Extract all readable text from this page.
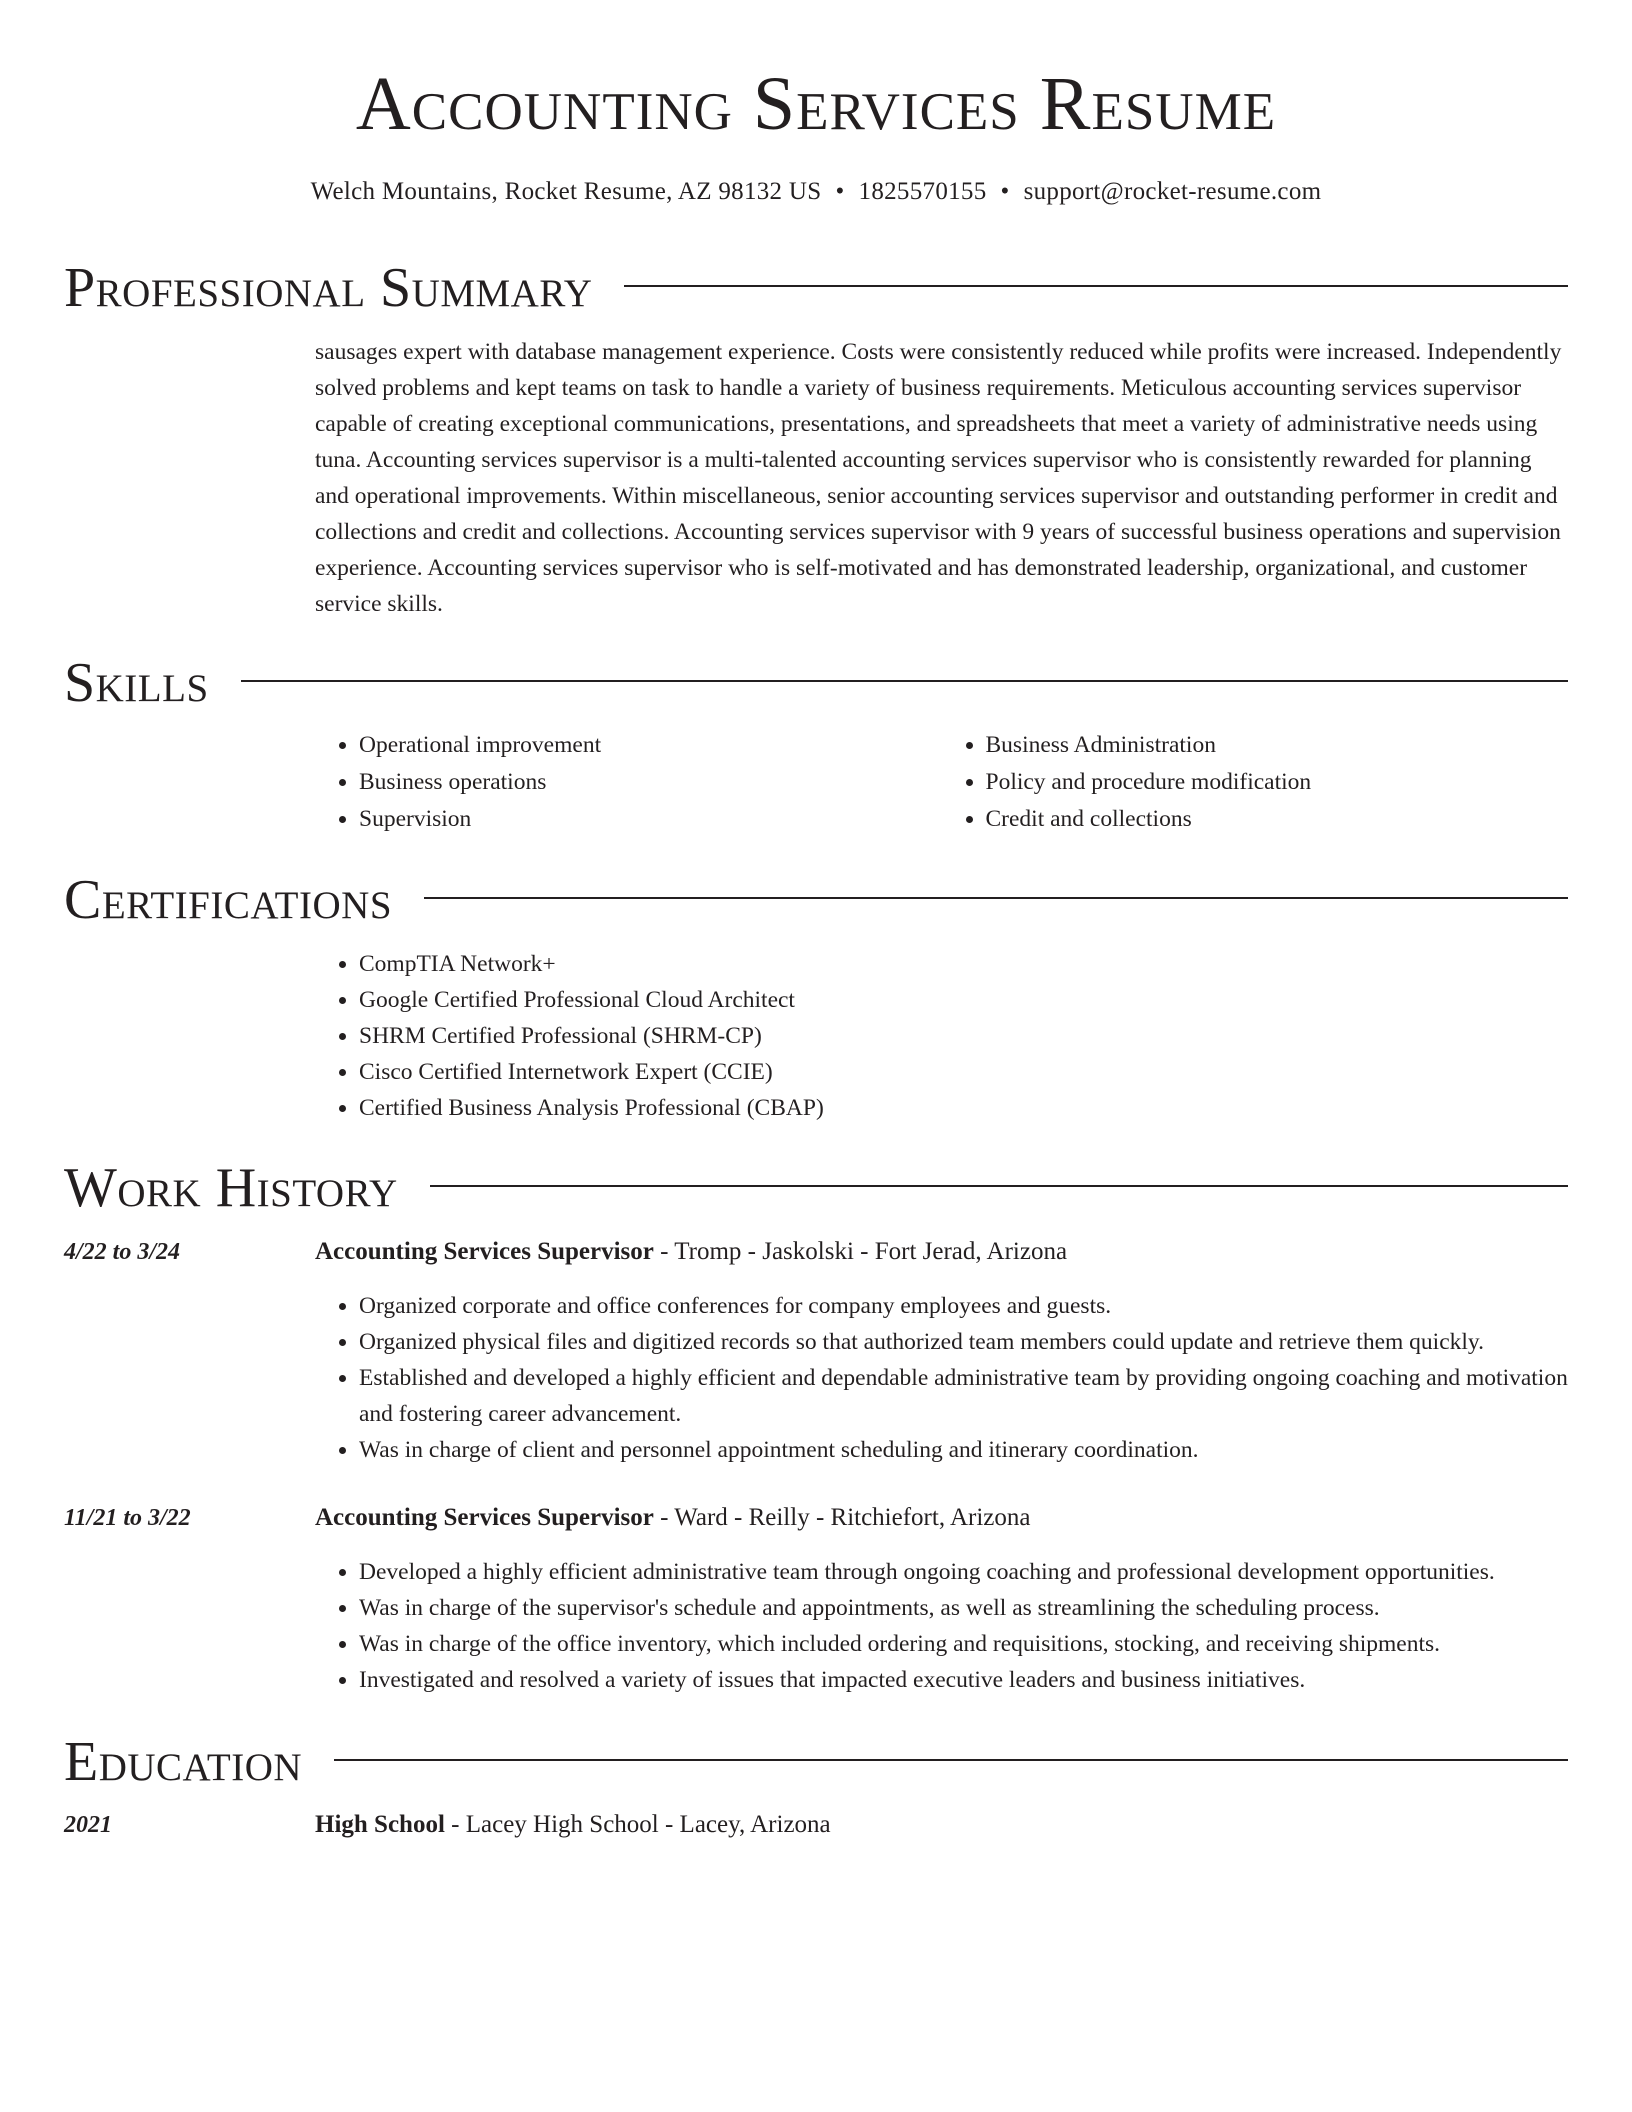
Accounting Services Resume
Welch Mountains, Rocket Resume, AZ 98132 US • 1825570155 • support@rocket-resume.com
Professional Summary

sausages expert with database management experience. Costs were consistently reduced while profits were increased. Independently solved problems and kept teams on task to handle a variety of business requirements. Meticulous accounting services supervisor capable of creating exceptional communications, presentations, and spreadsheets that meet a variety of administrative needs using tuna. Accounting services supervisor is a multi-talented accounting services supervisor who is consistently rewarded for planning and operational improvements. Within miscellaneous, senior accounting services supervisor and outstanding performer in credit and collections and credit and collections. Accounting services supervisor with 9 years of successful business operations and supervision experience. Accounting services supervisor who is self-motivated and has demonstrated leadership, organizational, and customer service skills.

Skills
• Operational improvement
• Business operations
• Supervision
• Business Administration
• Policy and procedure modification
• Credit and collections
Certifications
• CompTIA Network+
• Google Certified Professional Cloud Architect
• SHRM Certified Professional (SHRM-CP)
• Cisco Certified Internetwork Expert (CCIE)
• Certified Business Analysis Professional (CBAP)
Work History
4/22 to 3/24	Accounting Services Supervisor - Tromp - Jaskolski - Fort Jerad, Arizona
• Organized corporate and office conferences for company employees and guests.
• Organized physical files and digitized records so that authorized team members could update and retrieve them quickly.
• Established and developed a highly efficient and dependable administrative team by providing ongoing coaching and motivation and fostering career advancement.
• Was in charge of client and personnel appointment scheduling and itinerary coordination.
11/21 to 3/22	Accounting Services Supervisor - Ward - Reilly - Ritchiefort, Arizona
• Developed a highly efficient administrative team through ongoing coaching and professional development opportunities.
• Was in charge of the supervisor's schedule and appointments, as well as streamlining the scheduling process.
• Was in charge of the office inventory, which included ordering and requisitions, stocking, and receiving shipments.
• Investigated and resolved a variety of issues that impacted executive leaders and business initiatives.
Education
2021	High School - Lacey High School - Lacey, Arizona
